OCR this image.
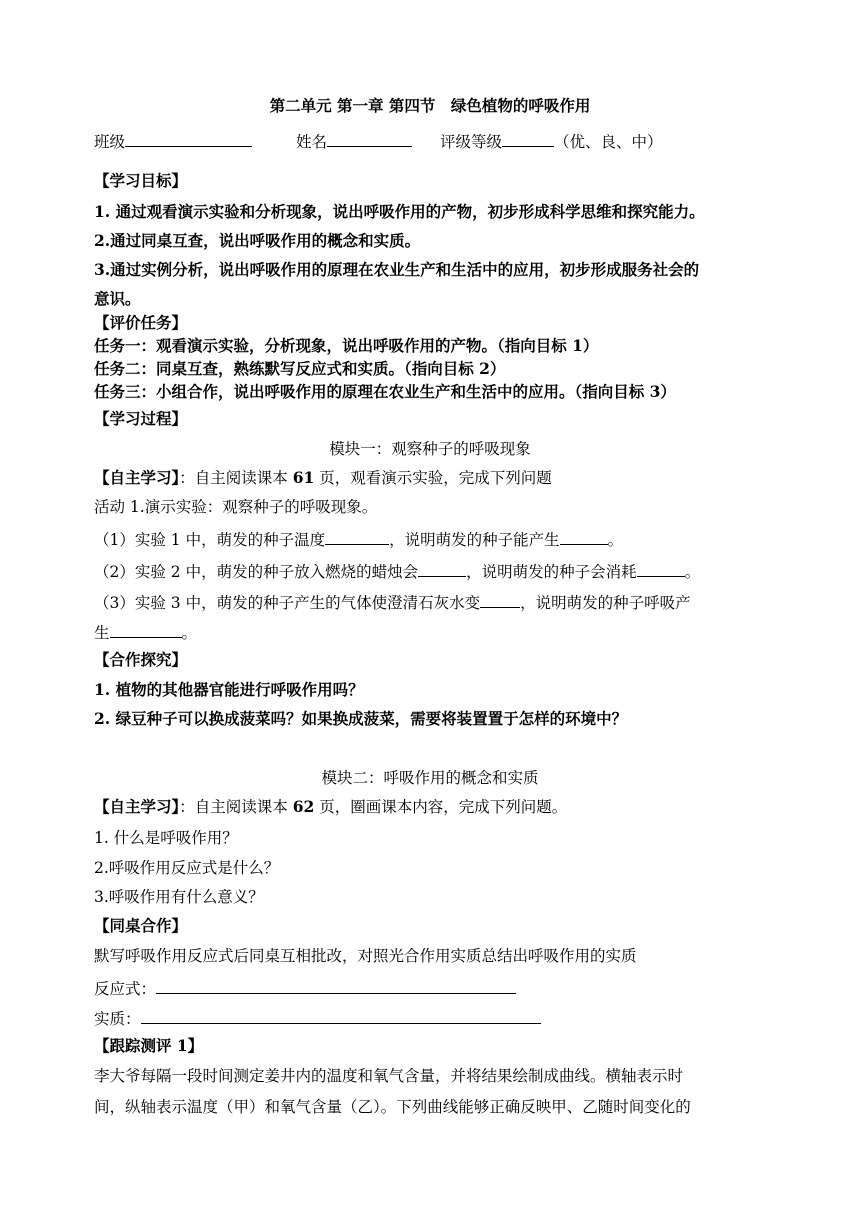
第二单元 第一章 第四节　绿色植物的呼吸作用
班级	姓名	评级等级	（优、良、中）
【学习目标】
1. 通过观看演示实验和分析现象，说出呼吸作用的产物，初步形成科学思维和探究能力。
2.通过同桌互查，说出呼吸作用的概念和实质。
3.通过实例分析，说出呼吸作用的原理在农业生产和生活中的应用，初步形成服务社会的
意识。
【评价任务】
任务一：观看演示实验，分析现象，说出呼吸作用的产物。（指向目标 1）
任务二：同桌互查，熟练默写反应式和实质。（指向目标 2）
任务三：小组合作，说出呼吸作用的原理在农业生产和生活中的应用。（指向目标 3）
【学习过程】
模块一：观察种子的呼吸现象
【自主学习】：自主阅读课本 61 页，观看演示实验，完成下列问题
活动 1.演示实验：观察种子的呼吸现象。
（1）实验 1 中，萌发的种子温度	，说明萌发的种子能产生	。
（2）实验 2 中，萌发的种子放入燃烧的蜡烛会	，说明萌发的种子会消耗	。
（3）实验 3 中，萌发的种子产生的气体使澄清石灰水变	，说明萌发的种子呼吸产
生	。
【合作探究】
1. 植物的其他器官能进行呼吸作用吗？
2. 绿豆种子可以换成菠菜吗？如果换成菠菜，需要将装置置于怎样的环境中？
模块二：呼吸作用的概念和实质
【自主学习】：自主阅读课本 62 页，圈画课本内容，完成下列问题。
1. 什么是呼吸作用？
2.呼吸作用反应式是什么？
3.呼吸作用有什么意义？
【同桌合作】
默写呼吸作用反应式后同桌互相批改，对照光合作用实质总结出呼吸作用的实质
反应式：
实质：
【跟踪测评 1】
李大爷每隔一段时间测定姜井内的温度和氧气含量，并将结果绘制成曲线。横轴表示时
间，纵轴表示温度（甲）和氧气含量（乙）。下列曲线能够正确反映甲、乙随时间变化的
